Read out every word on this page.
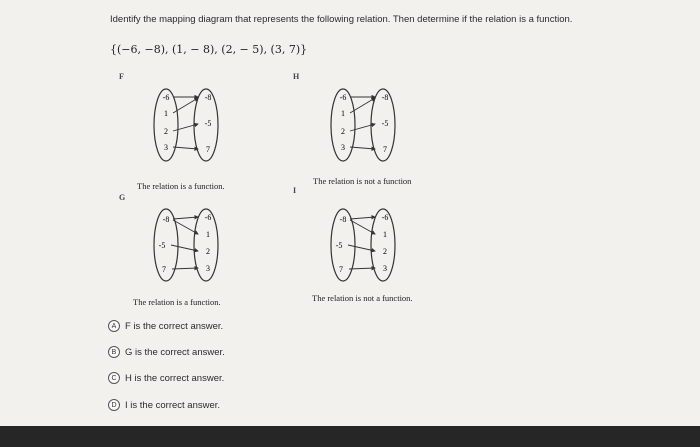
Identify the mapping diagram that represents the following relation. Then determine if the relation is a function.
{(−6, −8), (1, − 8), (2, − 5), (3, 7)}
F
-6
1
2
3
-8
-5
7
The relation is a function.
H
-6
1
2
3
-8
-5
7
The relation is not a function
G
-8
-5
7
-6
1
2
3
The relation is a function.
I
-8
-5
7
-6
1
2
3
The relation is not a function.
A F is the correct answer.
B G is the correct answer.
C H is the correct answer.
D I is the correct answer.
